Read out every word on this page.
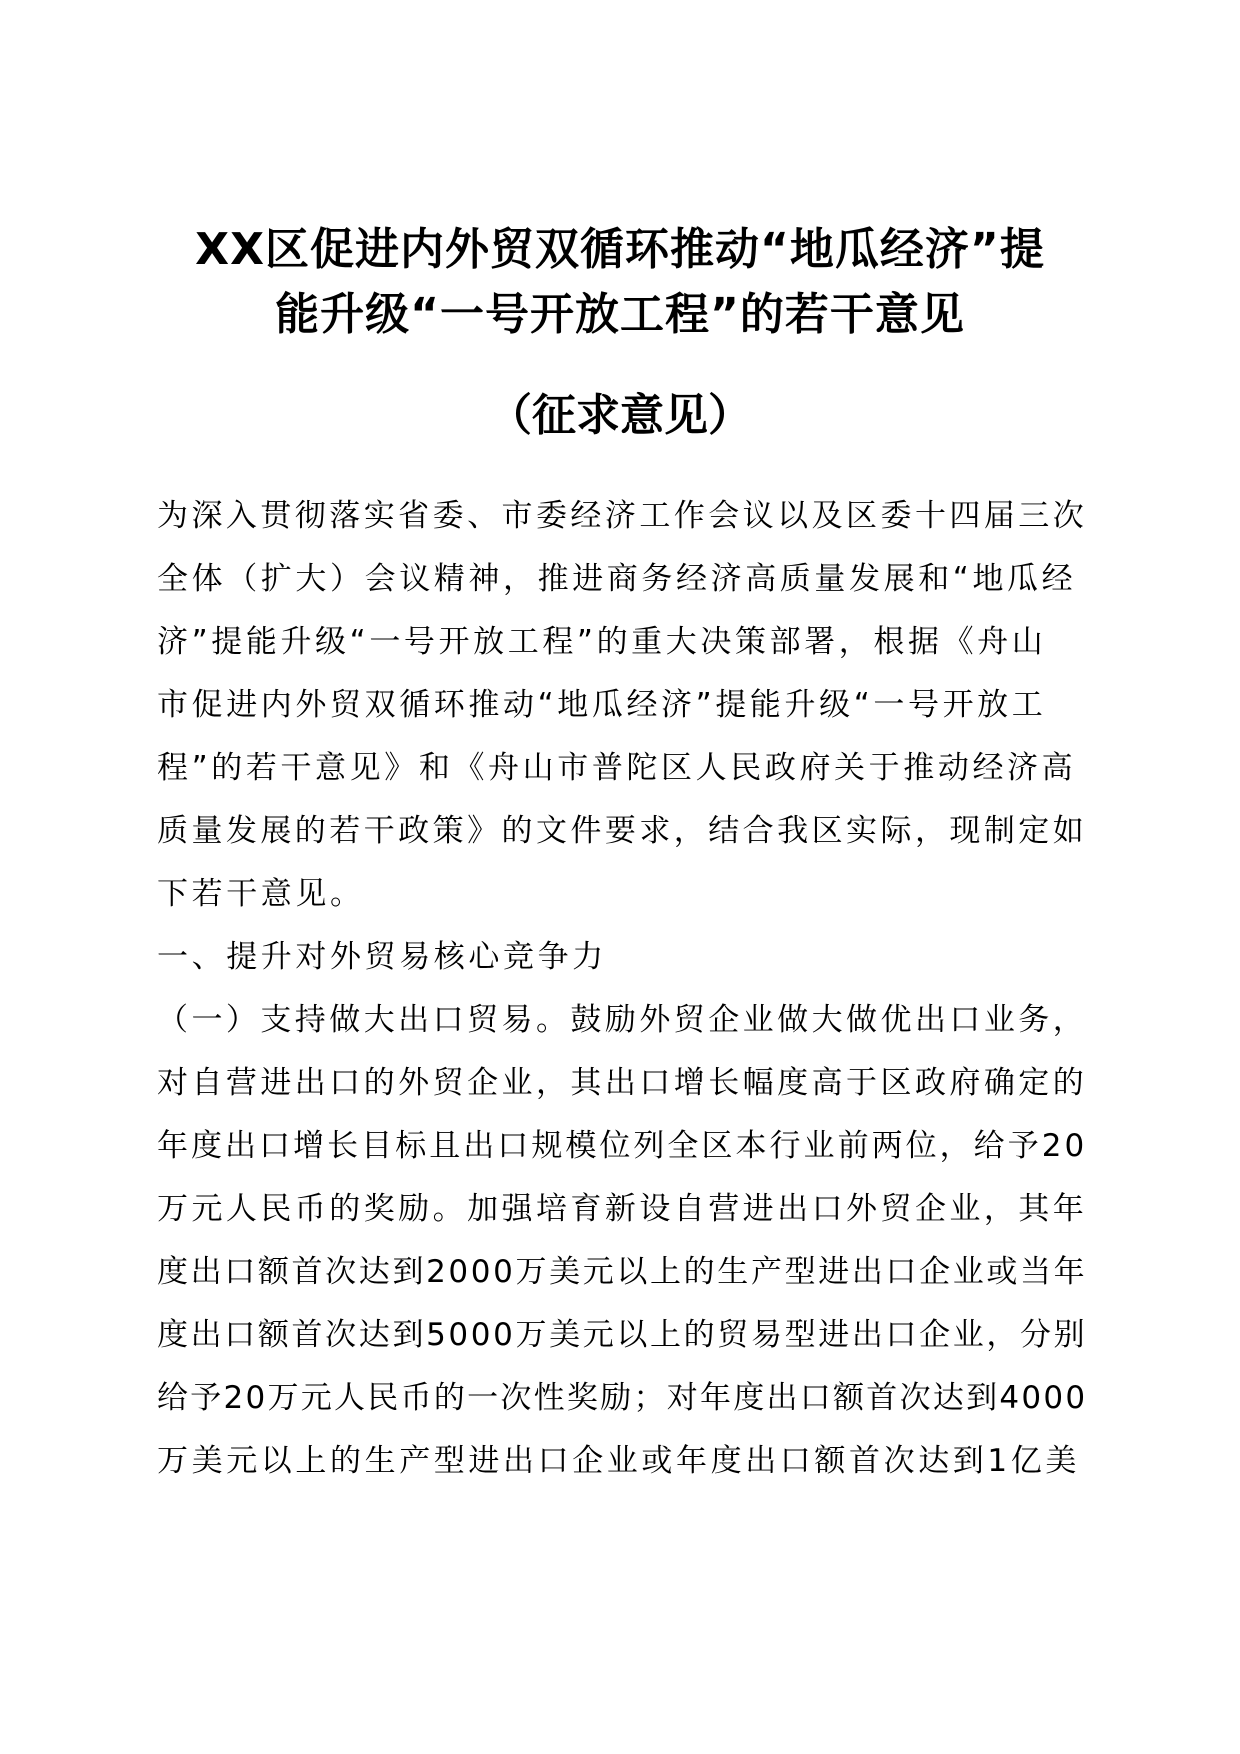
XX区促进内外贸双循环推动“地瓜经济”提
能升级“一号开放工程”的若干意见
（征求意见）
为深入贯彻落实省委、市委经济工作会议以及区委十四届三次
全体（扩大）会议精神，推进商务经济高质量发展和“地瓜经
济”提能升级“一号开放工程”的重大决策部署，根据《舟山
市促进内外贸双循环推动“地瓜经济”提能升级“一号开放工
程”的若干意见》和《舟山市普陀区人民政府关于推动经济高
质量发展的若干政策》的文件要求，结合我区实际，现制定如
下若干意见。
一、提升对外贸易核心竞争力
（一）支持做大出口贸易。鼓励外贸企业做大做优出口业务，
对自营进出口的外贸企业，其出口增长幅度高于区政府确定的
年度出口增长目标且出口规模位列全区本行业前两位，给予20
万元人民币的奖励。加强培育新设自营进出口外贸企业，其年
度出口额首次达到2000万美元以上的生产型进出口企业或当年
度出口额首次达到5000万美元以上的贸易型进出口企业，分别
给予20万元人民币的一次性奖励；对年度出口额首次达到4000
万美元以上的生产型进出口企业或年度出口额首次达到1亿美
